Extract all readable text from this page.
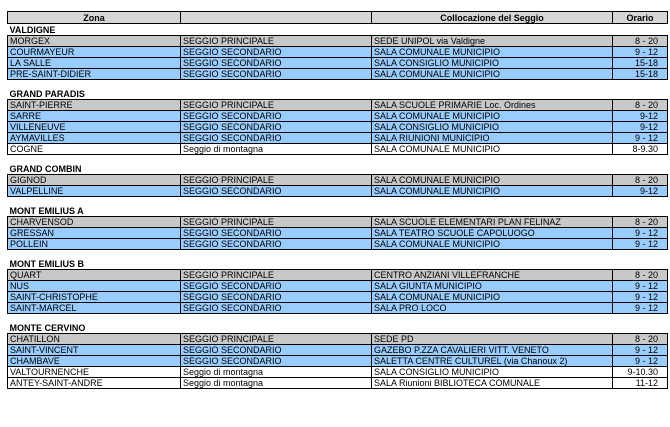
Zona		Collocazione del Seggio	Orario
VALDIGNE			
MORGEX	SEGGIO PRINCIPALE	SEDE UNIPOL via Valdigne	8 - 20
COURMAYEUR	SEGGIO SECONDARIO	SALA COMUNALE MUNICIPIO	9 - 12
LA SALLE	SEGGIO SECONDARIO	SALA CONSIGLIO MUNICIPIO	15-18
PRE-SAINT-DIDIER	SEGGIO SECONDARIO	SALA COMUNALE MUNICIPIO	15-18

GRAND PARADIS			
SAINT-PIERRE	SEGGIO PRINCIPALE	SALA SCUOLE PRIMARIE Loc. Ordines	8 - 20
SARRE	SEGGIO SECONDARIO	SALA COMUNALE MUNICIPIO	9-12
VILLENEUVE	SEGGIO SECONDARIO	SALA CONSIGLIO MUNICIPIO	9-12
AYMAVILLES	SEGGIO SECONDARIO	SALA RIUNIONI MUNICIPIO	9 - 12
COGNE	Seggio di montagna	SALA COMUNALE MUNICIPIO	8-9.30

GRAND COMBIN			
GIGNOD	SEGGIO PRINCIPALE	SALA COMUNALE MUNICIPIO	8 - 20
VALPELLINE	SEGGIO SECONDARIO	SALA COMUNALE MUNICIPIO	9-12

MONT EMILIUS A			
CHARVENSOD	SEGGIO PRINCIPALE	SALA SCUOLE ELEMENTARI PLAN FELINAZ	8 - 20
GRESSAN	SEGGIO SECONDARIO	SALA TEATRO SCUOLE CAPOLUOGO	9 - 12
POLLEIN	SEGGIO SECONDARIO	SALA COMUNALE MUNICIPIO	9 - 12

MONT EMILIUS B			
QUART	SEGGIO PRINCIPALE	CENTRO ANZIANI VILLEFRANCHE	8 - 20
NUS	SEGGIO SECONDARIO	SALA GIUNTA MUNICIPIO	9 - 12
SAINT-CHRISTOPHE	SEGGIO SECONDARIO	SALA COMUNALE MUNICIPIO	9 - 12
SAINT-MARCEL	SEGGIO SECONDARIO	SALA PRO LOCO	9 - 12

MONTE CERVINO			
CHATILLON	SEGGIO PRINCIPALE	SEDE PD	8 - 20
SAINT-VINCENT	SEGGIO SECONDARIO	GAZEBO P.ZZA CAVALIERI VITT. VENETO	9 - 12
CHAMBAVE	SEGGIO SECONDARIO	SALETTA CENTRE CULTUREL (via Chanoux 2)	9 - 12
VALTOURNENCHE	Seggio di montagna	SALA CONSIGLIO MUNICIPIO	9-10.30
ANTEY-SAINT-ANDRE	Seggio di montagna	SALA Riunioni BIBLIOTECA COMUNALE	11-12
